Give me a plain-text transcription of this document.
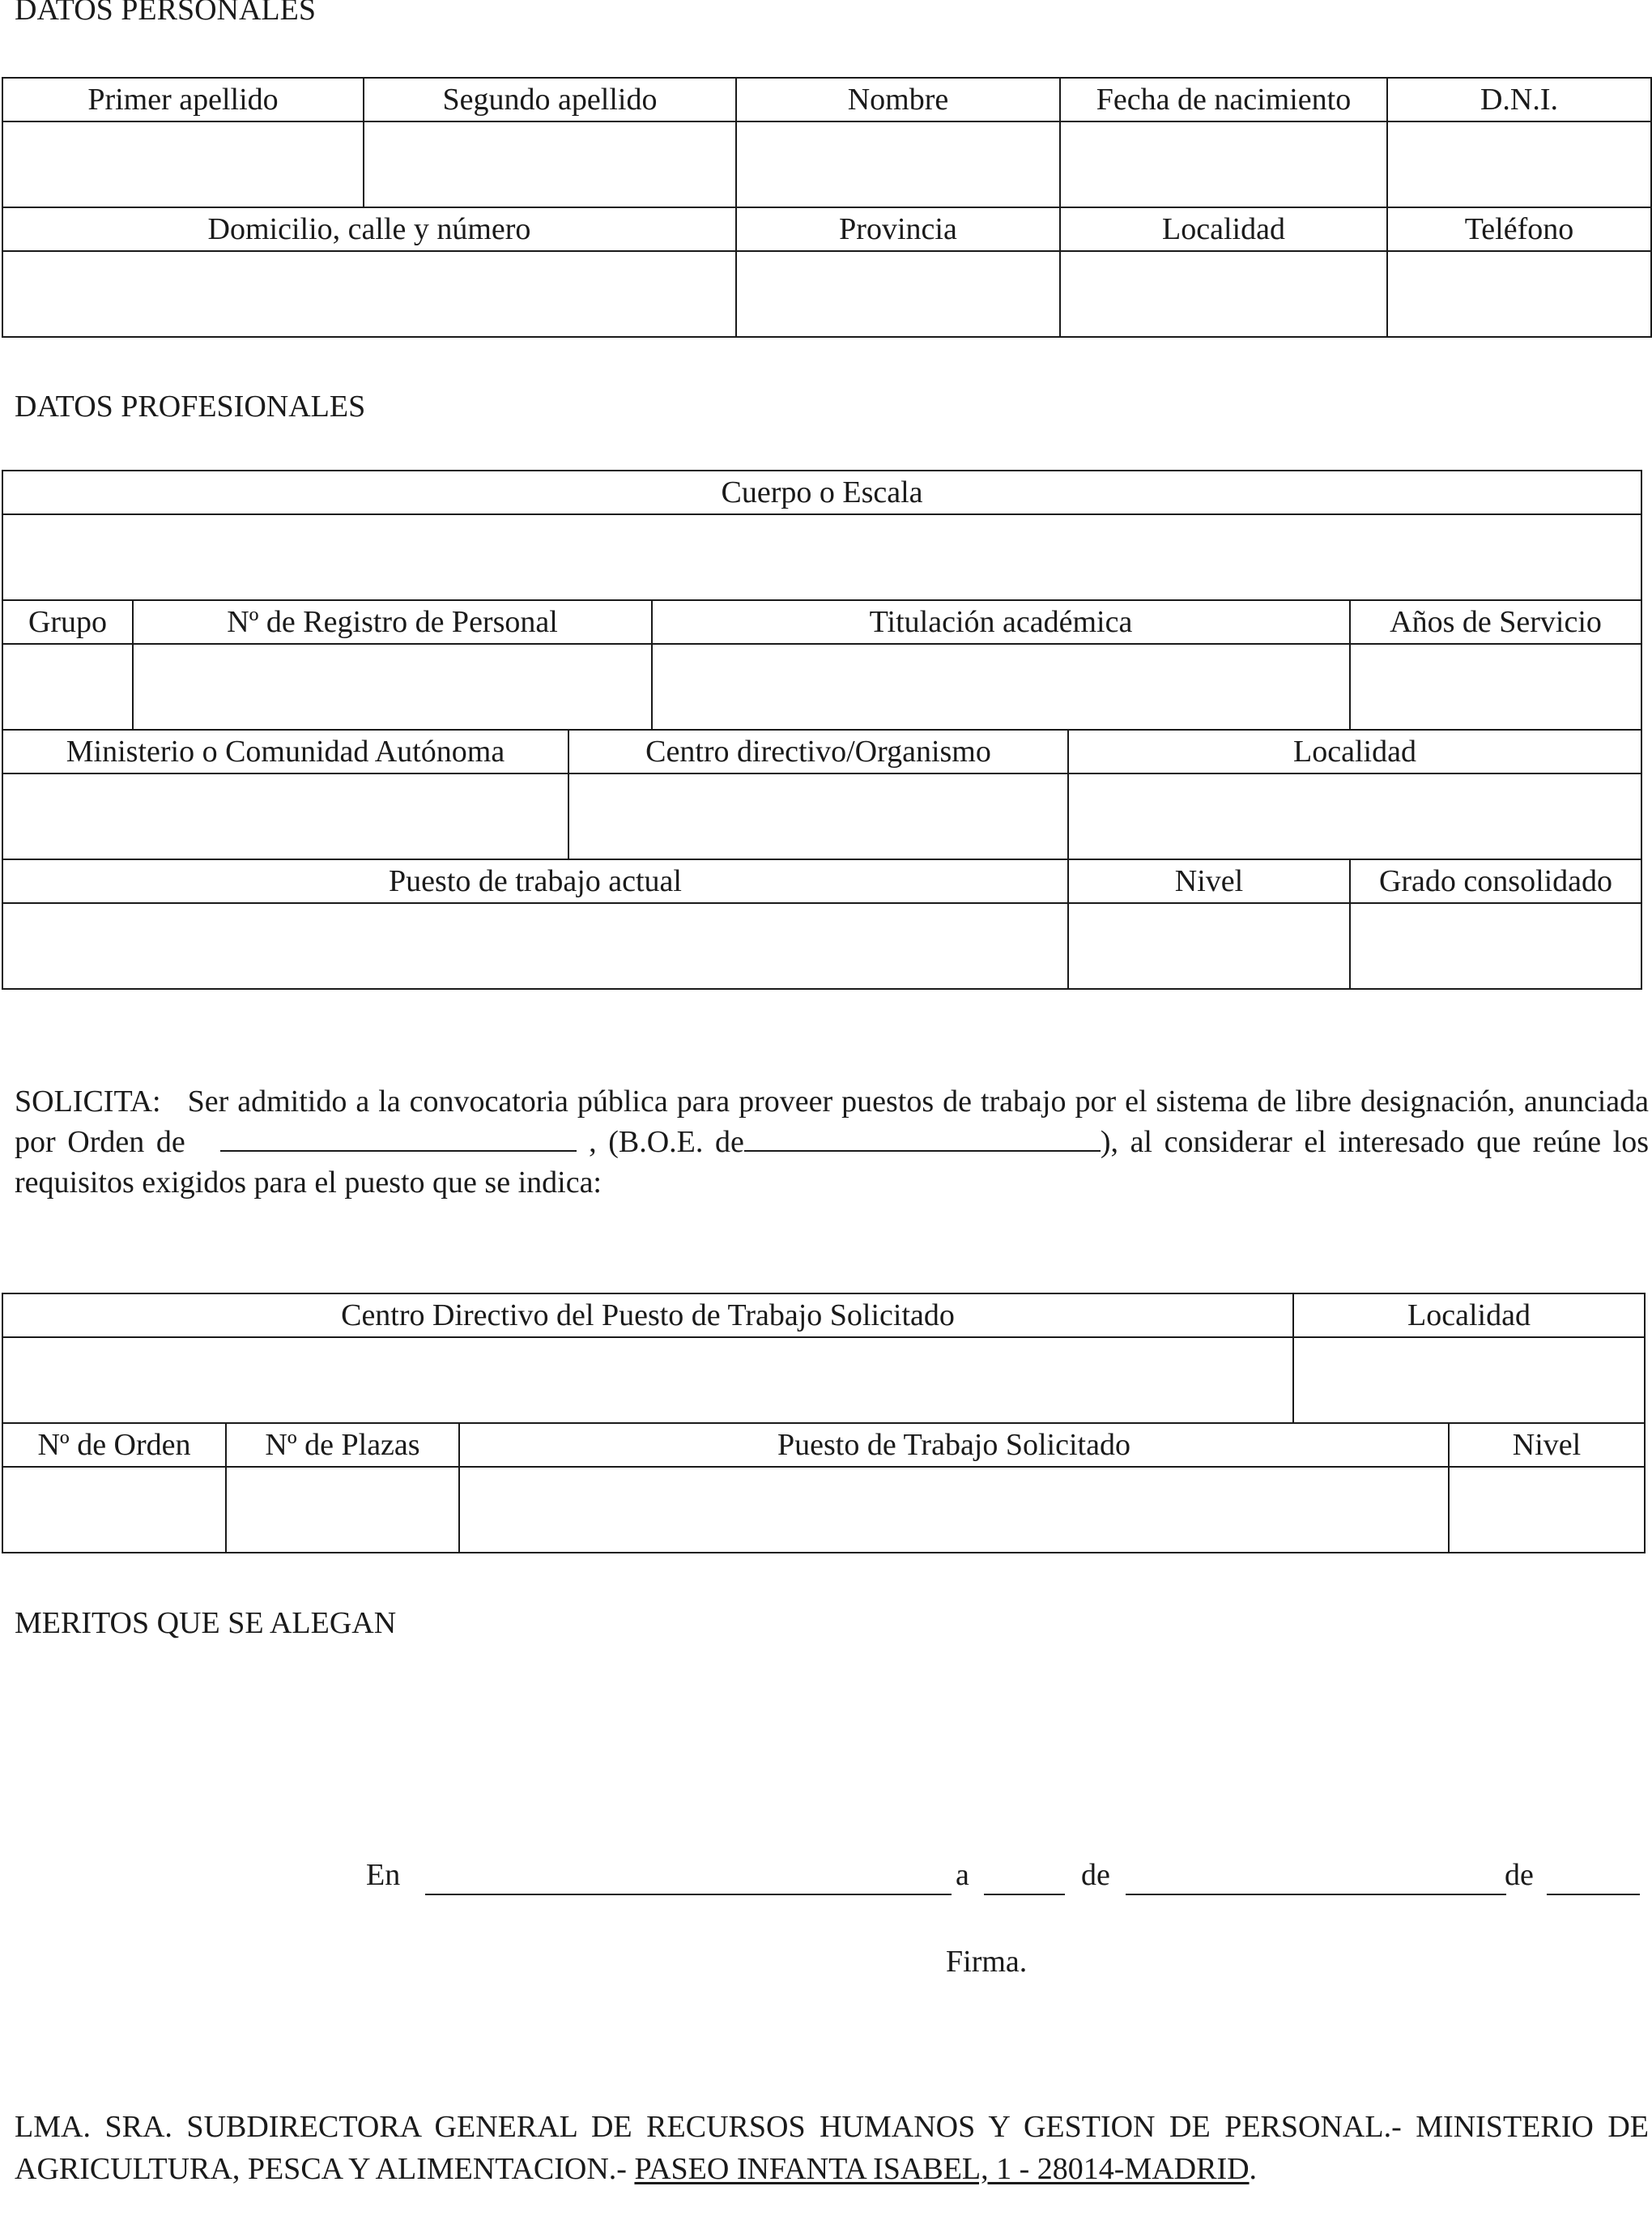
DATOS PERSONALES
Primer apellido	Segundo apellido	Nombre	Fecha de nacimiento	D.N.I.

Domicilio, calle y número		Provincia	Localidad	Teléfono

DATOS PROFESIONALES
Cuerpo o Escala					

Grupo	Nº de Registro de Personal		Titulación académica		Años de Servicio

Ministerio o Comunidad Autónoma		Centro directivo/Organismo		Localidad	

Puesto de trabajo actual				Nivel	Grado consolidado

SOLICITA: Ser admitido a la convocatoria pública para proveer puestos de trabajo por el sistema de libre designación, anunciada por Orden de	, (B.O.E. de	), al considerar el interesado que reúne los requisitos exigidos para el puesto que se indica:
Centro Directivo del Puesto de Trabajo Solicitado			Localidad	

Nº de Orden	Nº de Plazas	Puesto de Trabajo Solicitado		Nivel

MERITOS QUE SE ALEGAN
En	a	de	de
Firma.
LMA. SRA. SUBDIRECTORA GENERAL DE RECURSOS HUMANOS Y GESTION DE PERSONAL.- MINISTERIO DE AGRICULTURA, PESCA Y ALIMENTACION.- PASEO INFANTA ISABEL, 1 - 28014-MADRID.
